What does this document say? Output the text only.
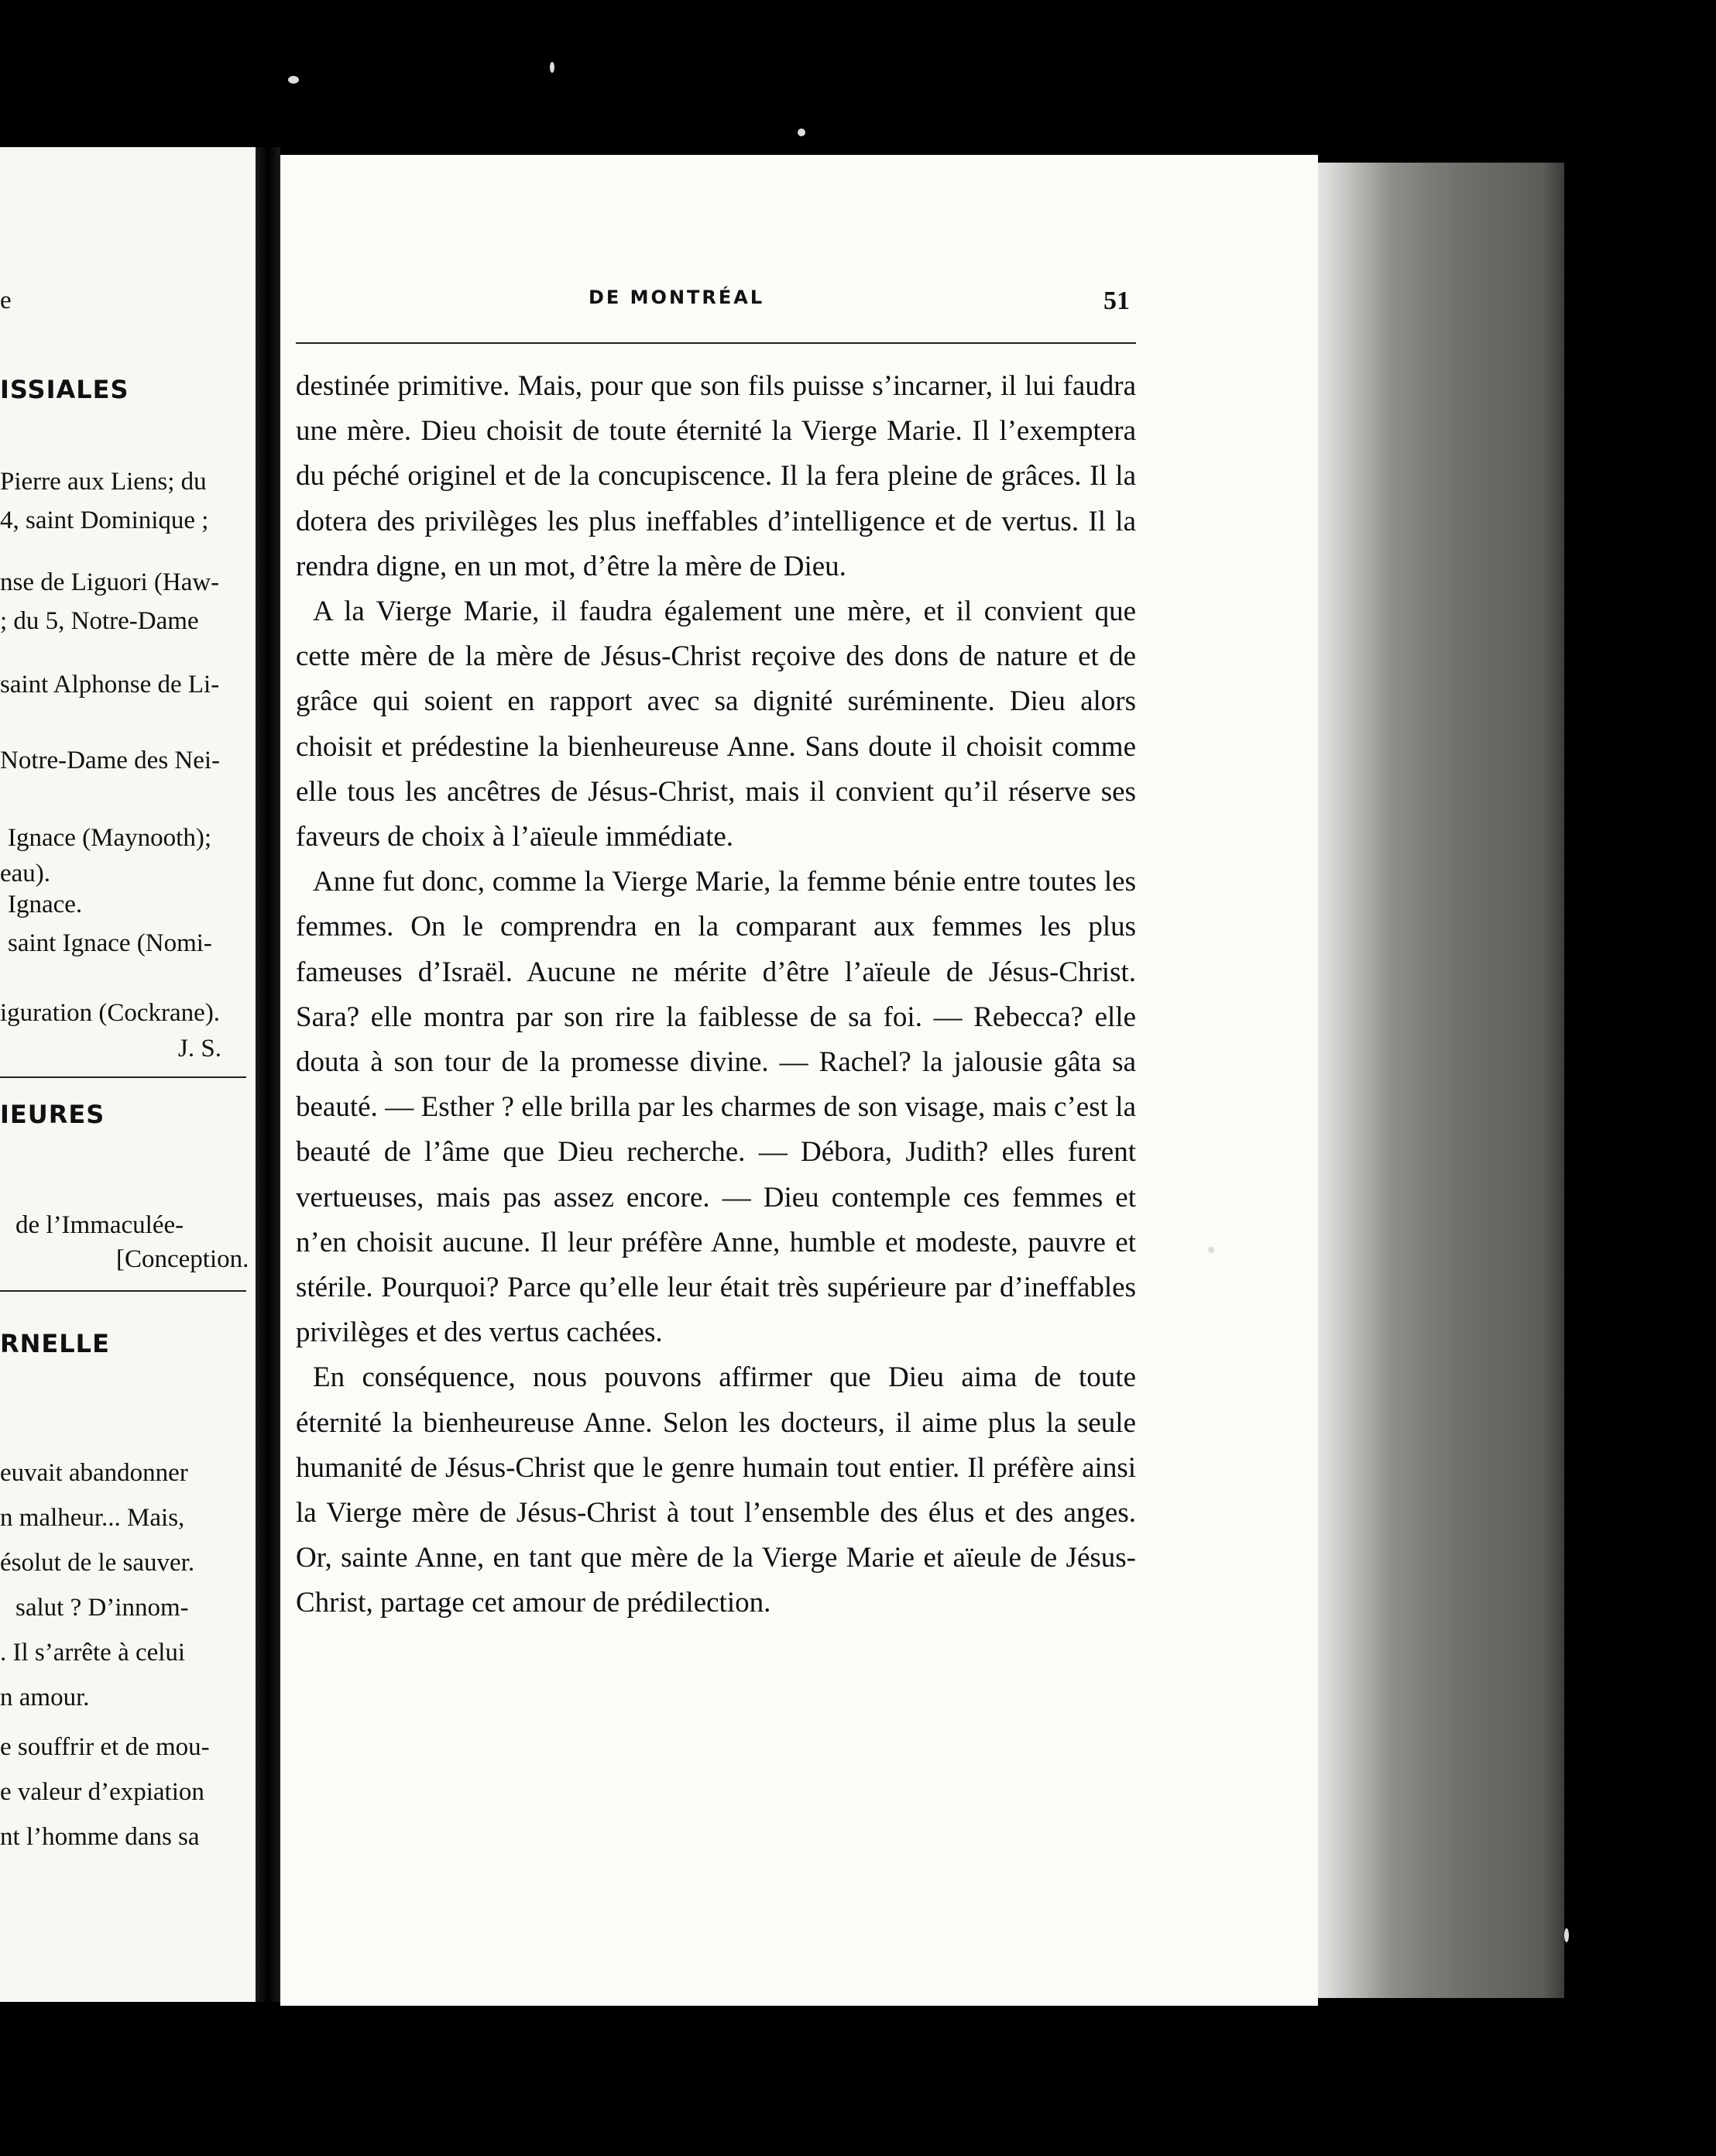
e
ISSIALES
Pierre aux Liens; du
4, saint Dominique ;
nse de Liguori (Haw-
; du 5, Notre-Dame
saint Alphonse de Li-
Notre-Dame des Nei-
Ignace (Maynooth);
eau).
Ignace.
saint Ignace (Nomi-
iguration (Cockrane).
J. S.
IEURES
de l’Immaculée-
[Conception.
RNELLE
euvait abandonner
n malheur... Mais,
ésolut de le sauver.
salut ? D’innom-
. Il s’arrête à celui
n amour.
e souffrir et de mou-
e valeur d’expiation
nt l’homme dans sa
DE MONTRÉAL	51

destinée primitive. Mais, pour que son fils puisse s’incarner, il lui faudra une mère. Dieu choisit de toute éternité la Vierge Marie. Il l’exemptera du péché originel et de la concupiscence. Il la fera pleine de grâces. Il la dotera des privilèges les plus ineffables d’intelligence et de vertus. Il la rendra digne, en un mot, d’être la mère de Dieu.

A la Vierge Marie, il faudra également une mère, et il convient que cette mère de la mère de Jésus-Christ reçoive des dons de nature et de grâce qui soient en rapport avec sa dignité suréminente. Dieu alors choisit et prédestine la bienheureuse Anne. Sans doute il choisit comme elle tous les ancêtres de Jésus-Christ, mais il convient qu’il réserve ses faveurs de choix à l’aïeule immédiate.

Anne fut donc, comme la Vierge Marie, la femme bénie entre toutes les femmes. On le comprendra en la comparant aux femmes les plus fameuses d’Israël. Aucune ne mérite d’être l’aïeule de Jésus-Christ. Sara? elle montra par son rire la faiblesse de sa foi. — Rebecca? elle douta à son tour de la promesse divine. — Rachel? la jalousie gâta sa beauté. — Esther ? elle brilla par les charmes de son visage, mais c’est la beauté de l’âme que Dieu recherche. — Débora, Judith? elles furent vertueuses, mais pas assez encore. — Dieu contemple ces femmes et n’en choisit aucune. Il leur préfère Anne, humble et modeste, pauvre et stérile. Pourquoi? Parce qu’elle leur était très supérieure par d’ineffables privilèges et des vertus cachées.

En conséquence, nous pouvons affirmer que Dieu aima de toute éternité la bienheureuse Anne. Selon les docteurs, il aime plus la seule humanité de Jésus-Christ que le genre humain tout entier. Il préfère ainsi la Vierge mère de Jésus-Christ à tout l’ensemble des élus et des anges. Or, sainte Anne, en tant que mère de la Vierge Marie et aïeule de Jésus-Christ, partage cet amour de prédilection.
